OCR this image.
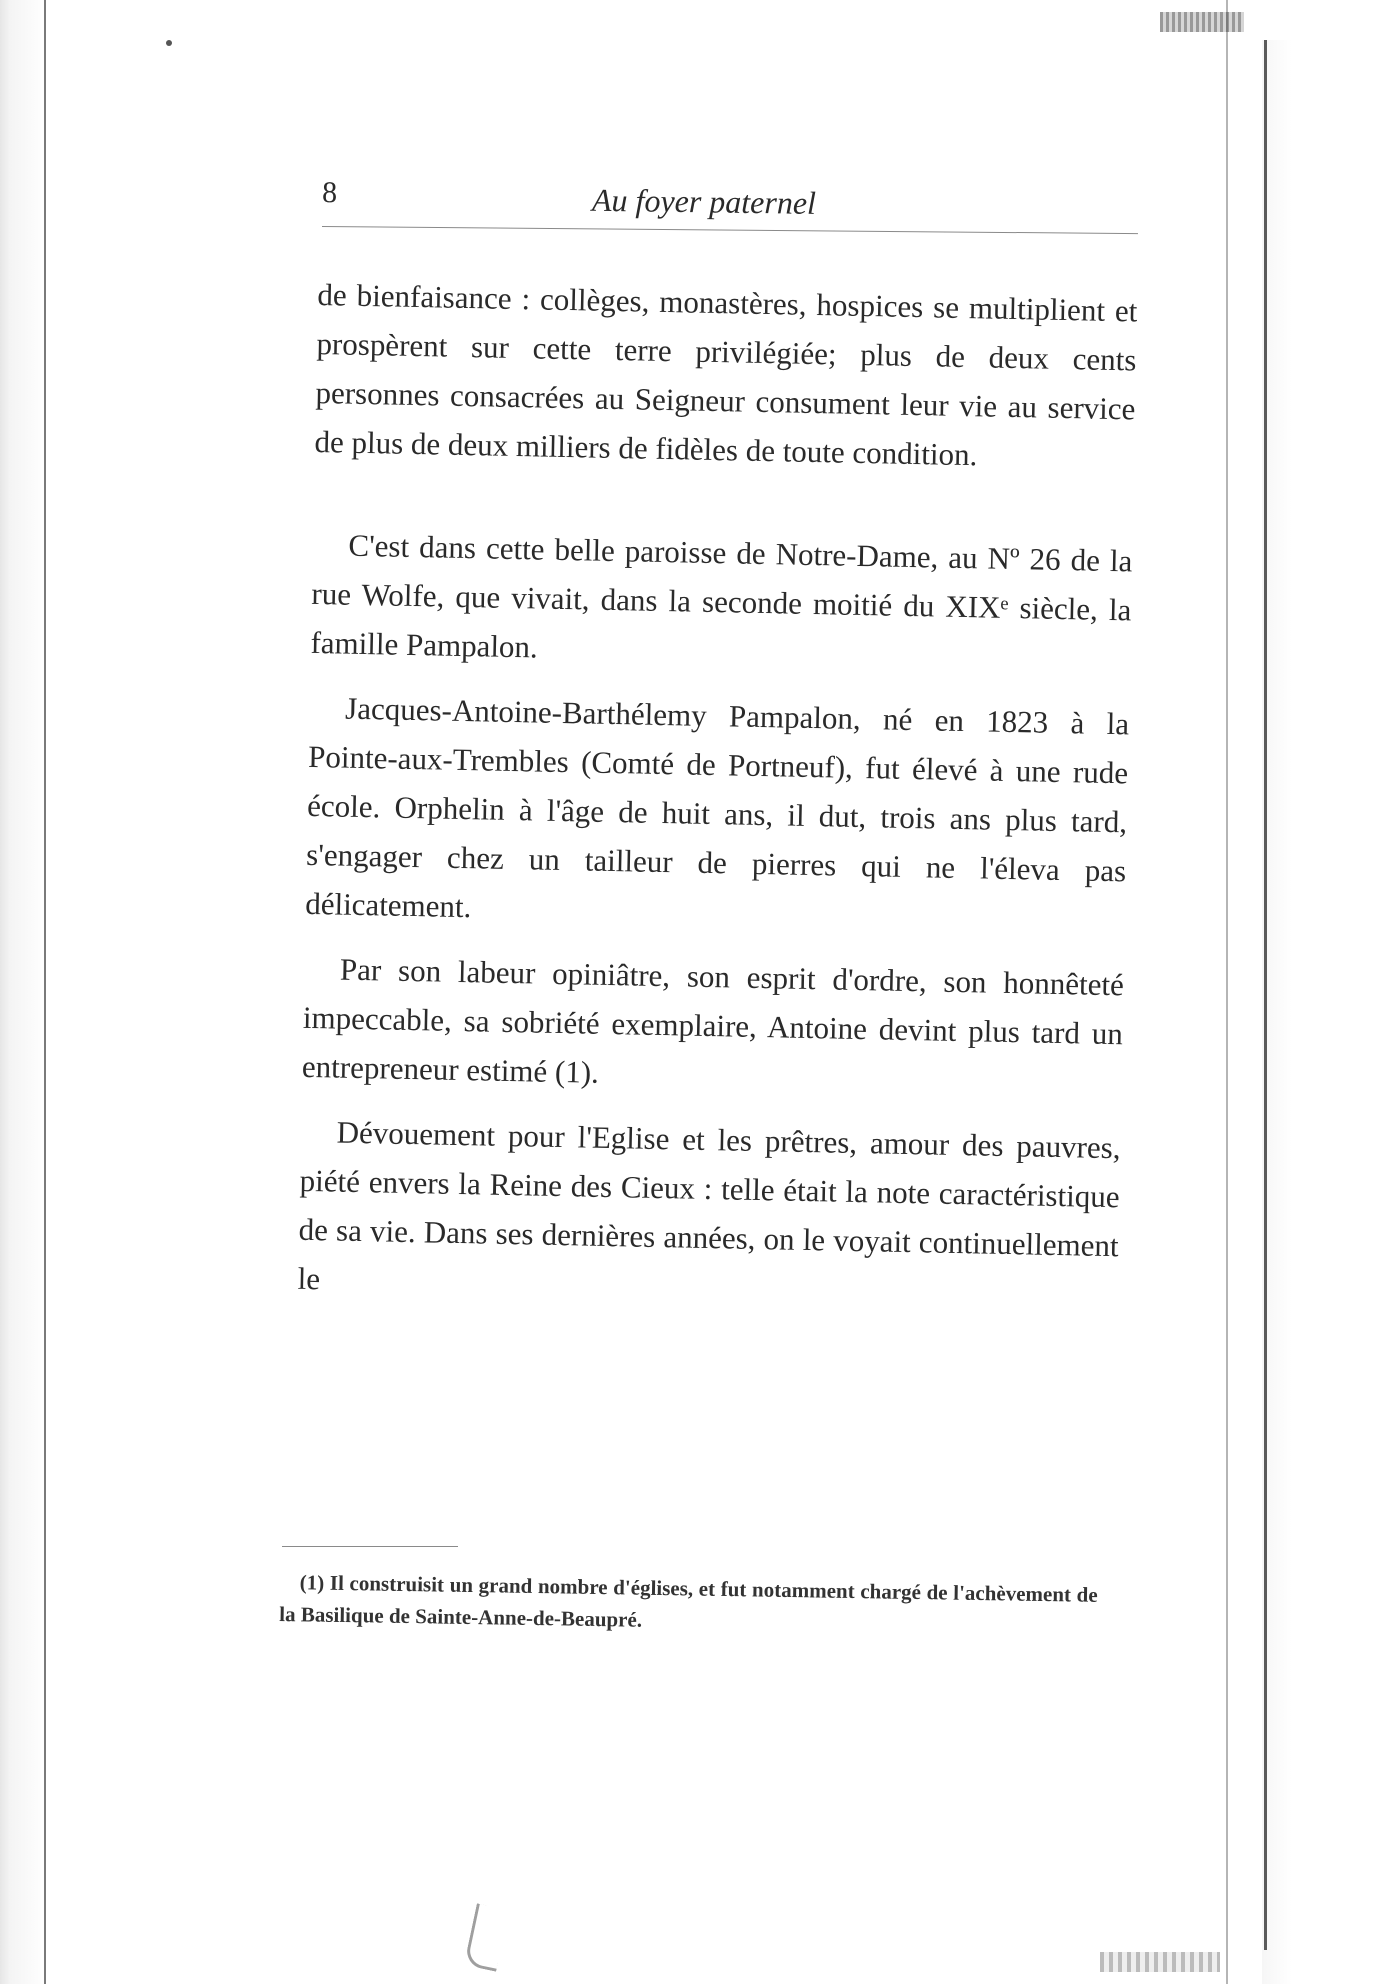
8	Au foyer paternel

de bienfaisance : collèges, monastères, hospices se multiplient et prospèrent sur cette terre privilégiée; plus de deux cents personnes consacrées au Seigneur consument leur vie au service de plus de deux milliers de fidèles de toute condition.

C'est dans cette belle paroisse de Notre-Dame, au Nº 26 de la rue Wolfe, que vivait, dans la seconde moitié du XIXᵉ siècle, la famille Pampalon.

Jacques-Antoine-Barthélemy Pampalon, né en 1823 à la Pointe-aux-Trembles (Comté de Portneuf), fut élevé à une rude école. Orphelin à l'âge de huit ans, il dut, trois ans plus tard, s'engager chez un tailleur de pierres qui ne l'éleva pas délicatement.

Par son labeur opiniâtre, son esprit d'ordre, son honnêteté impeccable, sa sobriété exemplaire, Antoine devint plus tard un entrepreneur estimé (1).

Dévouement pour l'Eglise et les prêtres, amour des pauvres, piété envers la Reine des Cieux : telle était la note caractéristique de sa vie. Dans ses dernières années, on le voyait continuellement le

(1) Il construisit un grand nombre d'églises, et fut notamment chargé de l'achèvement de la Basilique de Sainte-Anne-de-Beaupré.
